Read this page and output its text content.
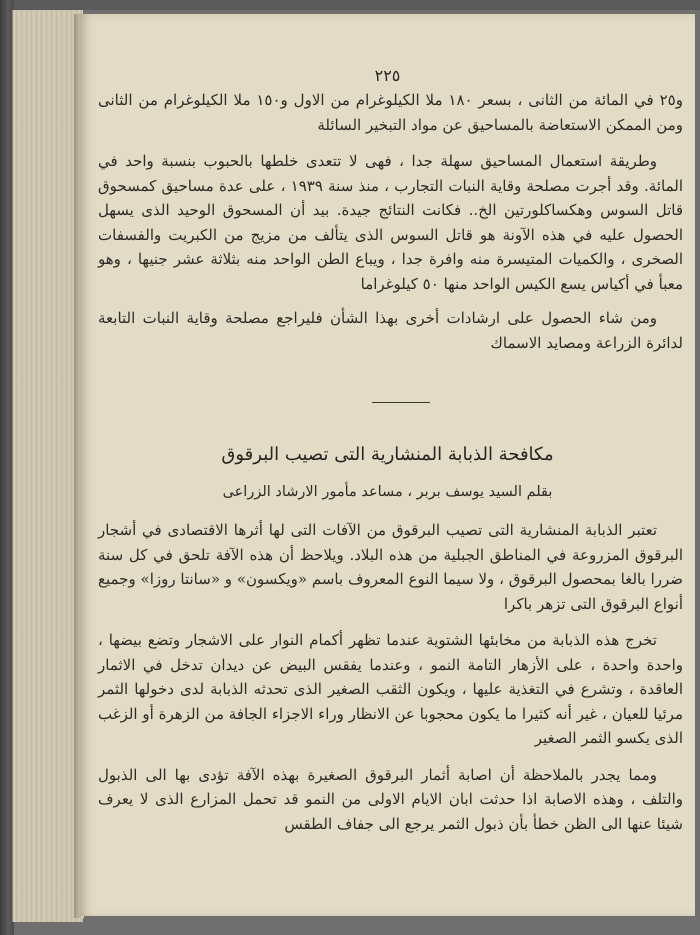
٢٢٥

و٢٥ في المائة من الثانى ، بسعر ١٨٠ ملا الكيلوغرام من الاول و١٥٠ ملا الكيلوغرام من الثانى ومن الممكن الاستعاضة بالمساحيق عن مواد التبخير السائلة

وطريقة استعمال المساحيق سهلة جدا ، فهى لا تتعدى خلطها بالحبوب بنسبة واحد في المائة. وقد أجرت مصلحة وقاية النبات التجارب ، منذ سنة ١٩٣٩ ، على عدة مساحيق كمسحوق قاتل السوس وهكساكلورتين الخ.. فكانت النتائج جيدة. بيد أن المسحوق الوحيد الذى يسهل الحصول عليه في هذه الآونة هو قاتل السوس الذى يتألف من مزيج من الكبريت والفسفات الصخرى ، والكميات المتيسرة منه وافرة جدا ، ويباع الطن الواحد منه بثلاثة عشر جنيها ، وهو معبأ في أكياس يسع الكيس الواحد منها ٥٠ كيلوغراما

ومن شاء الحصول على ارشادات أخرى بهذا الشأن فليراجع مصلحة وقاية النبات التابعة لدائرة الزراعة ومصايد الاسماك

مكافحة الذبابة المنشارية التى تصيب البرقوق
بقلم السيد يوسف بربر ، مساعد مأمور الارشاد الزراعى

تعتبر الذبابة المنشارية التى تصيب البرقوق من الآفات التى لها أثرها الاقتصادى في أشجار البرقوق المزروعة في المناطق الجبلية من هذه البلاد. ويلاحظ أن هذه الآفة تلحق في كل سنة ضررا بالغا بمحصول البرقوق ، ولا سيما النوع المعروف باسم «ويكسون» و «سانتا روزا» وجميع أنواع البرقوق التى تزهر باكرا

تخرج هذه الذبابة من مخابئها الشتوية عندما تظهر أكمام النوار على الاشجار وتضع بيضها ، واحدة واحدة ، على الأزهار التامة النمو ، وعندما يفقس البيض عن ديدان تدخل في الاثمار العاقدة ، وتشرع في التغذية عليها ، ويكون الثقب الصغير الذى تحدثه الذبابة لدى دخولها الثمر مرئيا للعيان ، غير أنه كثيرا ما يكون محجوبا عن الانظار وراء الاجزاء الجافة من الزهرة أو الزغب الذى يكسو الثمر الصغير

ومما يجدر بالملاحظة أن اصابة أثمار البرقوق الصغيرة بهذه الآفة تؤدى بها الى الذبول والتلف ، وهذه الاصابة اذا حدثت ابان الايام الاولى من النمو قد تحمل المزارع الذى لا يعرف شيئا عنها الى الظن خطأ بأن ذبول الثمر يرجع الى جفاف الطقس
